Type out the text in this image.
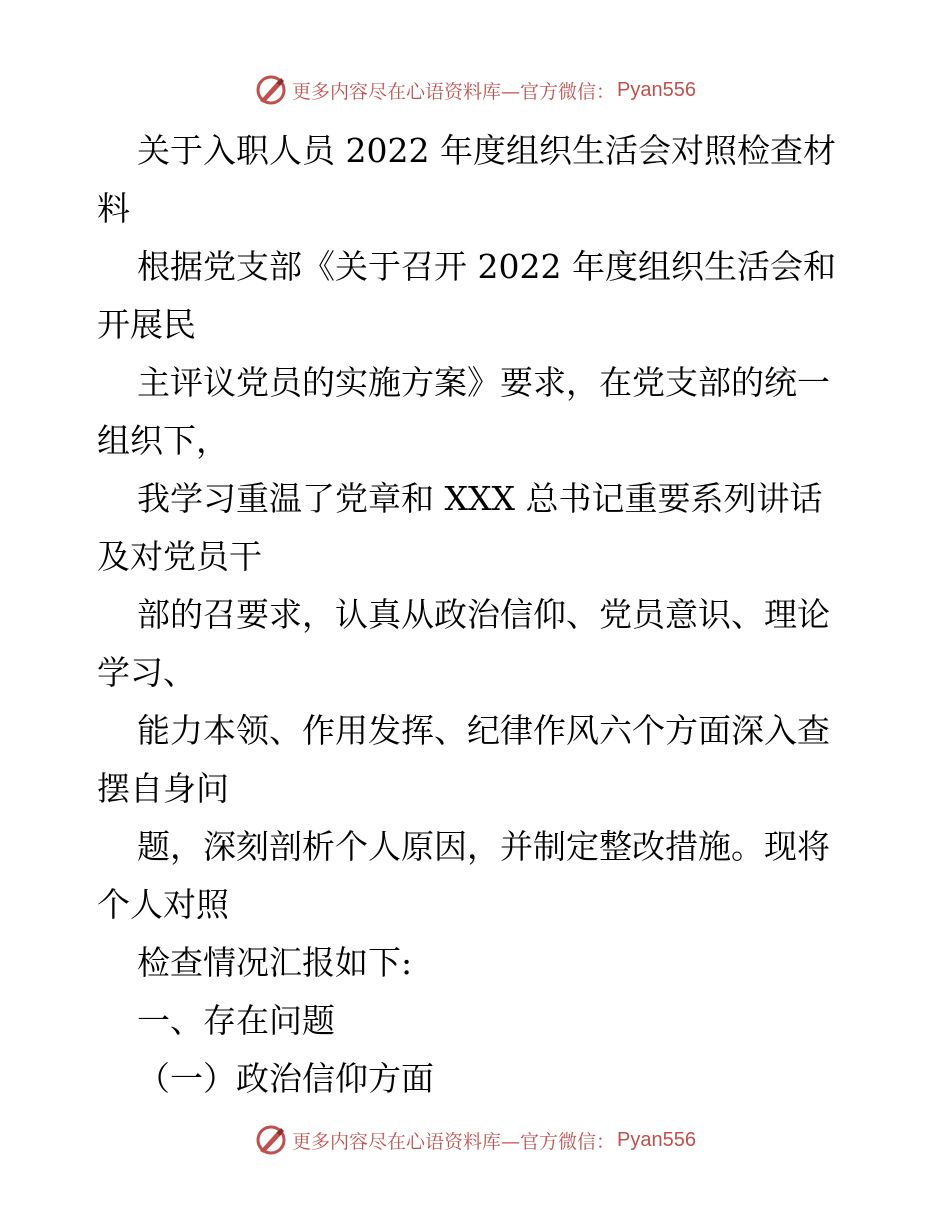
更多内容尽在心语资料库—官方微信： Pyan556
关于入职人员 2022 年度组织生活会对照检查材
料
根据党支部《关于召开 2022 年度组织生活会和
开展民
主评议党员的实施方案》要求，在党支部的统一
组织下，
我学习重温了党章和 XXX 总书记重要系列讲话
及对党员干
部的召要求，认真从政治信仰、党员意识、理论
学习、
能力本领、作用发挥、纪律作风六个方面深入查
摆自身问
题，深刻剖析个人原因，并制定整改措施。现将
个人对照
检查情况汇报如下:
一、存在问题
（一）政治信仰方面
更多内容尽在心语资料库—官方微信： Pyan556
